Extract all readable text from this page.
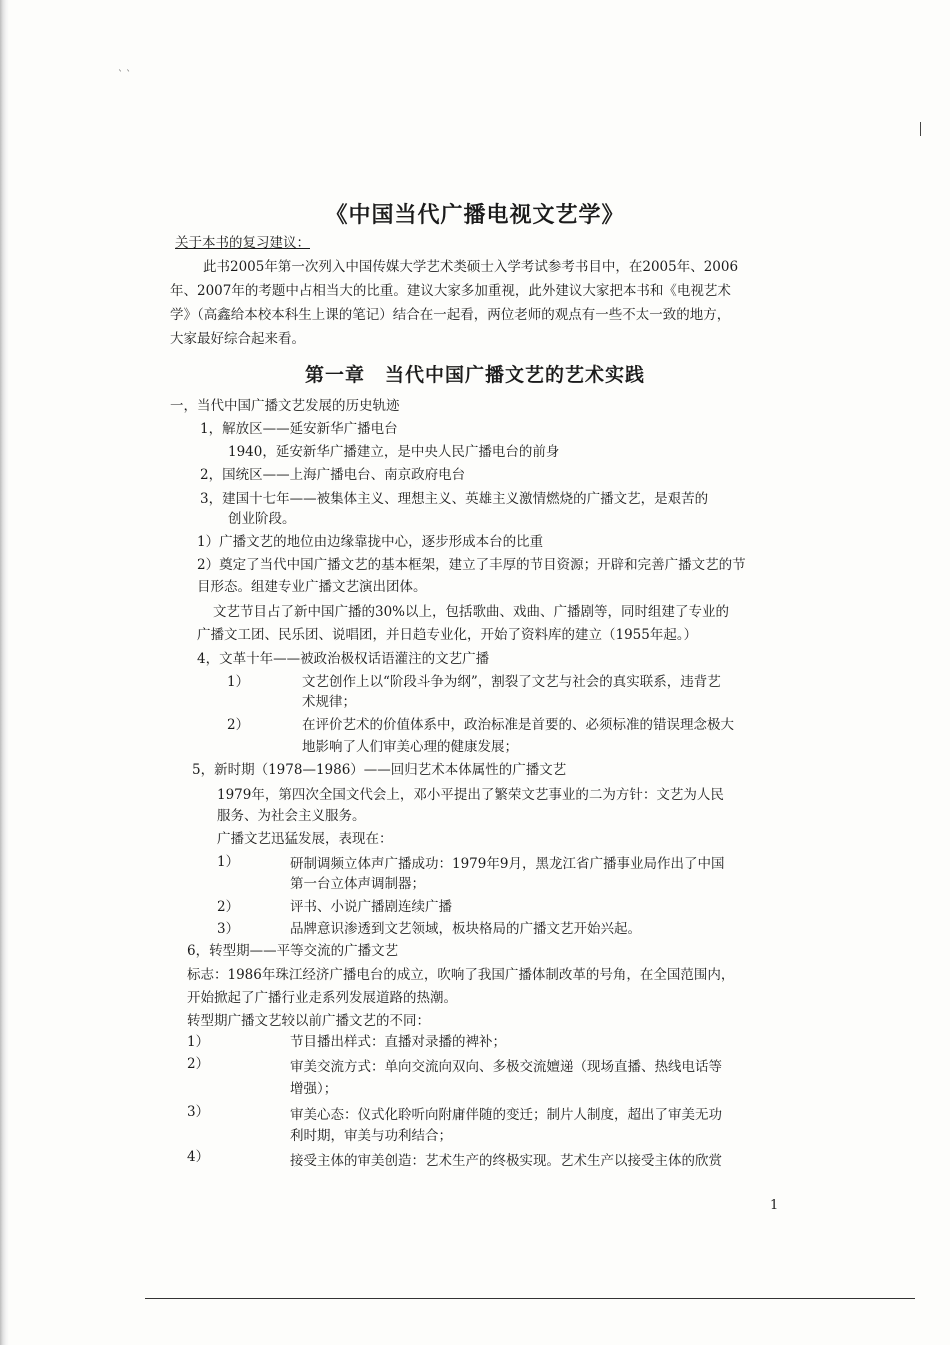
` `
《中国当代广播电视文艺学》
关于本书的复习建议：
此书2005年第一次列入中国传媒大学艺术类硕士入学考试参考书目中，在2005年、2006
年、2007年的考题中占相当大的比重。建议大家多加重视，此外建议大家把本书和《电视艺术
学》（高鑫给本校本科生上课的笔记）结合在一起看，两位老师的观点有一些不太一致的地方，
大家最好综合起来看。
第一章　当代中国广播文艺的艺术实践
一，当代中国广播文艺发展的历史轨迹
1，解放区——延安新华广播电台
1940，延安新华广播建立，是中央人民广播电台的前身
2，国统区——上海广播电台、南京政府电台
3，建国十七年——被集体主义、理想主义、英雄主义激情燃烧的广播文艺，是艰苦的
创业阶段。
1）广播文艺的地位由边缘靠拢中心，逐步形成本台的比重
2）奠定了当代中国广播文艺的基本框架，建立了丰厚的节目资源；开辟和完善广播文艺的节
目形态。组建专业广播文艺演出团体。
文艺节目占了新中国广播的30%以上，包括歌曲、戏曲、广播剧等，同时组建了专业的
广播文工团、民乐团、说唱团，并日趋专业化，开始了资料库的建立（1955年起。）
4，文革十年——被政治极权话语灌注的文艺广播
1）	文艺创作上以“阶段斗争为纲”，割裂了文艺与社会的真实联系，违背艺
术规律；
2）	在评价艺术的价值体系中，政治标准是首要的、必须标准的错误理念极大
地影响了人们审美心理的健康发展；
5，新时期（1978—1986）——回归艺术本体属性的广播文艺
1979年，第四次全国文代会上，邓小平提出了繁荣文艺事业的二为方针：文艺为人民
服务、为社会主义服务。
广播文艺迅猛发展，表现在：
1）	研制调频立体声广播成功：1979年9月，黑龙江省广播事业局作出了中国
第一台立体声调制器；
2）	评书、小说广播剧连续广播
3）	品牌意识渗透到文艺领域，板块格局的广播文艺开始兴起。
6，转型期——平等交流的广播文艺
标志：1986年珠江经济广播电台的成立，吹响了我国广播体制改革的号角，在全国范围内，
开始掀起了广播行业走系列发展道路的热潮。
转型期广播文艺较以前广播文艺的不同：
1）	节目播出样式：直播对录播的裨补；
2）	审美交流方式：单向交流向双向、多极交流嬗递（现场直播、热线电话等
增强）；
3）	审美心态：仪式化聆听向附庸伴随的变迁；制片人制度，超出了审美无功
利时期，审美与功利结合；
4）	接受主体的审美创造：艺术生产的终极实现。艺术生产以接受主体的欣赏
1
